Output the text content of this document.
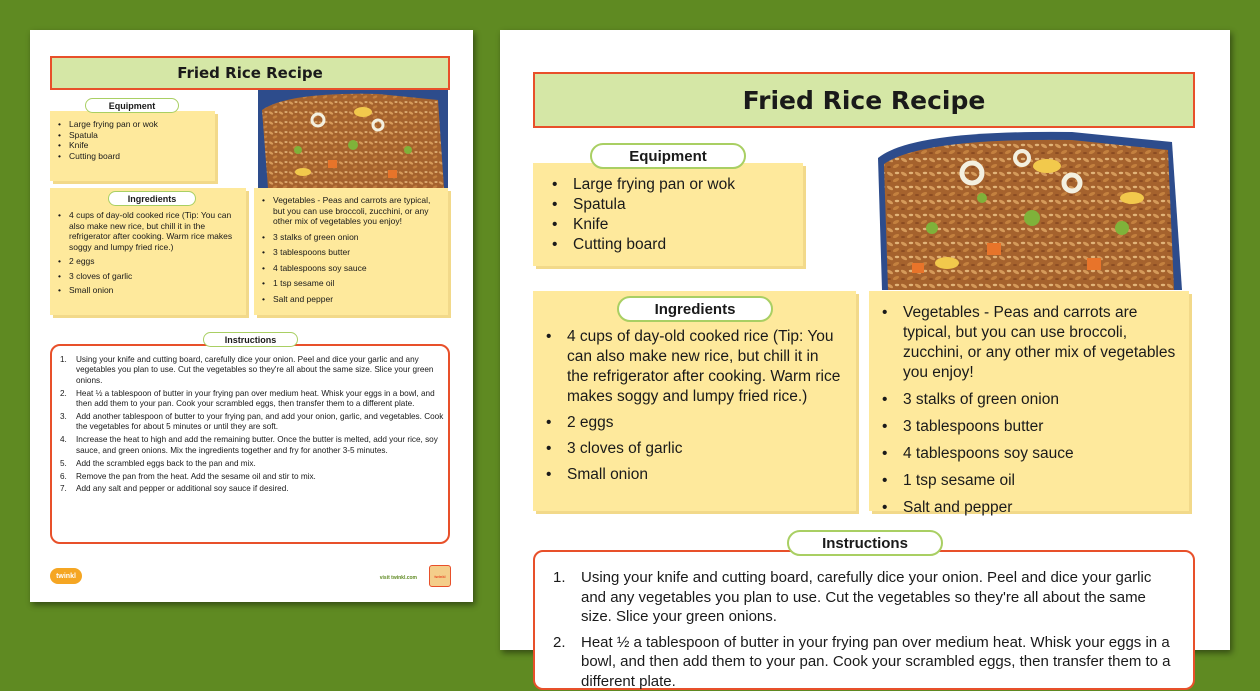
Fried Rice Recipe
• Large frying pan or wok
• Spatula
• Knife
• Cutting board
Equipment
• 4 cups of day-old cooked rice (Tip: You can also make new rice, but chill it in the refrigerator after cooking. Warm rice makes soggy and lumpy fried rice.)
• 2 eggs
• 3 cloves of garlic
• Small onion
Ingredients	• Vegetables - Peas and carrots are typical, but you can use broccoli, zucchini, or any other mix of vegetables you enjoy!
• 3 stalks of green onion
• 3 tablespoons butter
• 4 tablespoons soy sauce
• 1 tsp sesame oil
• Salt and pepper
1. Using your knife and cutting board, carefully dice your onion. Peel and dice your garlic and any vegetables you plan to use. Cut the vegetables so they're all about the same size. Slice your green onions.
2. Heat ½ a tablespoon of butter in your frying pan over medium heat. Whisk your eggs in a bowl, and then add them to your pan. Cook your scrambled eggs, then transfer them to a different plate.
3. Add another tablespoon of butter to your frying pan, and add your onion, garlic, and vegetables. Cook the vegetables for about 5 minutes or until they are soft.
4. Increase the heat to high and add the remaining butter. Once the butter is melted, add your rice, soy sauce, and green onions. Mix the ingredients together and fry for another 3-5 minutes.
5. Add the scrambled eggs back to the pan and mix.
6. Remove the pan from the heat. Add the sesame oil and stir to mix.
7. Add any salt and pepper or additional soy sauce if desired.
Instructions
twinkl	visit twinkl.com	twinkl
Fried Rice Recipe
• Large frying pan or wok
• Spatula
• Knife
• Cutting board
Equipment
• 4 cups of day-old cooked rice (Tip: You can also make new rice, but chill it in the refrigerator after cooking. Warm rice makes soggy and lumpy fried rice.)
• 2 eggs
• 3 cloves of garlic
• Small onion
Ingredients	• Vegetables - Peas and carrots are typical, but you can use broccoli, zucchini, or any other mix of vegetables you enjoy!
• 3 stalks of green onion
• 3 tablespoons butter
• 4 tablespoons soy sauce
• 1 tsp sesame oil
• Salt and pepper
1. Using your knife and cutting board, carefully dice your onion. Peel and dice your garlic and any vegetables you plan to use. Cut the vegetables so they're all about the same size. Slice your green onions.
2. Heat ½ a tablespoon of butter in your frying pan over medium heat. Whisk your eggs in a bowl, and then add them to your pan. Cook your scrambled eggs, then transfer them to a different plate.
Instructions
